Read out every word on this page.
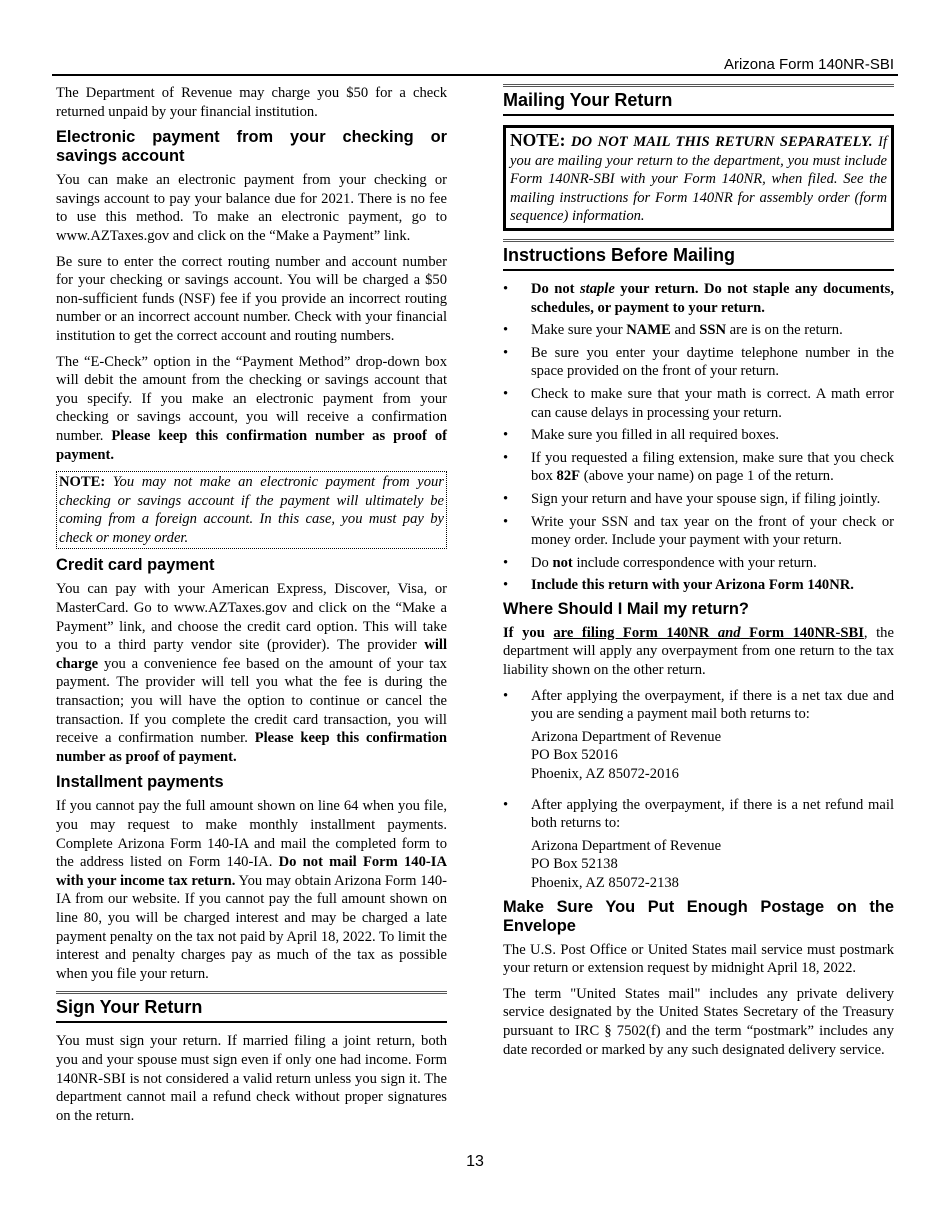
Arizona Form 140NR-SBI

The Department of Revenue may charge you $50 for a check returned unpaid by your financial institution.

Electronic payment from your checking or savings account

You can make an electronic payment from your checking or savings account to pay your balance due for 2021. There is no fee to use this method. To make an electronic payment, go to www.AZTaxes.gov and click on the “Make a Payment” link.

Be sure to enter the correct routing number and account number for your checking or savings account. You will be charged a $50 non-sufficient funds (NSF) fee if you provide an incorrect routing number or an incorrect account number. Check with your financial institution to get the correct account and routing numbers.

The “E-Check” option in the “Payment Method” drop-down box will debit the amount from the checking or savings account that you specify. If you make an electronic payment from your checking or savings account, you will receive a confirmation number. Please keep this confirmation number as proof of payment.

NOTE: You may not make an electronic payment from your checking or savings account if the payment will ultimately be coming from a foreign account. In this case, you must pay by check or money order.

Credit card payment

You can pay with your American Express, Discover, Visa, or MasterCard. Go to www.AZTaxes.gov and click on the “Make a Payment” link, and choose the credit card option. This will take you to a third party vendor site (provider). The provider will charge you a convenience fee based on the amount of your tax payment. The provider will tell you what the fee is during the transaction; you will have the option to continue or cancel the transaction. If you complete the credit card transaction, you will receive a confirmation number. Please keep this confirmation number as proof of payment.

Installment payments

If you cannot pay the full amount shown on line 64 when you file, you may request to make monthly installment payments. Complete Arizona Form 140-IA and mail the completed form to the address listed on Form 140-IA. Do not mail Form 140-IA with your income tax return. You may obtain Arizona Form 140-IA from our website. If you cannot pay the full amount shown on line 80, you will be charged interest and may be charged a late payment penalty on the tax not paid by April 18, 2022. To limit the interest and penalty charges pay as much of the tax as possible when you file your return.

Sign Your Return

You must sign your return. If married filing a joint return, both you and your spouse must sign even if only one had income. Form 140NR-SBI is not considered a valid return unless you sign it. The department cannot mail a refund check without proper signatures on the return.

Mailing Your Return

NOTE: DO NOT MAIL THIS RETURN SEPARATELY. If you are mailing your return to the department, you must include Form 140NR-SBI with your Form 140NR, when filed. See the mailing instructions for Form 140NR for assembly order (form sequence) information.

Instructions Before Mailing
• Do not staple your return. Do not staple any documents, schedules, or payment to your return.
• Make sure your NAME and SSN are is on the return.
• Be sure you enter your daytime telephone number in the space provided on the front of your return.
• Check to make sure that your math is correct. A math error can cause delays in processing your return.
• Make sure you filled in all required boxes.
• If you requested a filing extension, make sure that you check box 82F (above your name) on page 1 of the return.
• Sign your return and have your spouse sign, if filing jointly.
• Write your SSN and tax year on the front of your check or money order. Include your payment with your return.
• Do not include correspondence with your return.
• Include this return with your Arizona Form 140NR.
Where Should I Mail my return?

If you are filing Form 140NR and Form 140NR-SBI, the department will apply any overpayment from one return to the tax liability shown on the other return.

• After applying the overpayment, if there is a net tax due and you are sending a payment mail both returns to:
Arizona Department of Revenue
PO Box 52016
Phoenix, AZ 85072-2016
• After applying the overpayment, if there is a net refund mail both returns to:
Arizona Department of Revenue
PO Box 52138
Phoenix, AZ 85072-2138
Make Sure You Put Enough Postage on the Envelope

The U.S. Post Office or United States mail service must postmark your return or extension request by midnight April 18, 2022.

The term "United States mail" includes any private delivery service designated by the United States Secretary of the Treasury pursuant to IRC § 7502(f) and the term “postmark” includes any date recorded or marked by any such designated delivery service.

13
